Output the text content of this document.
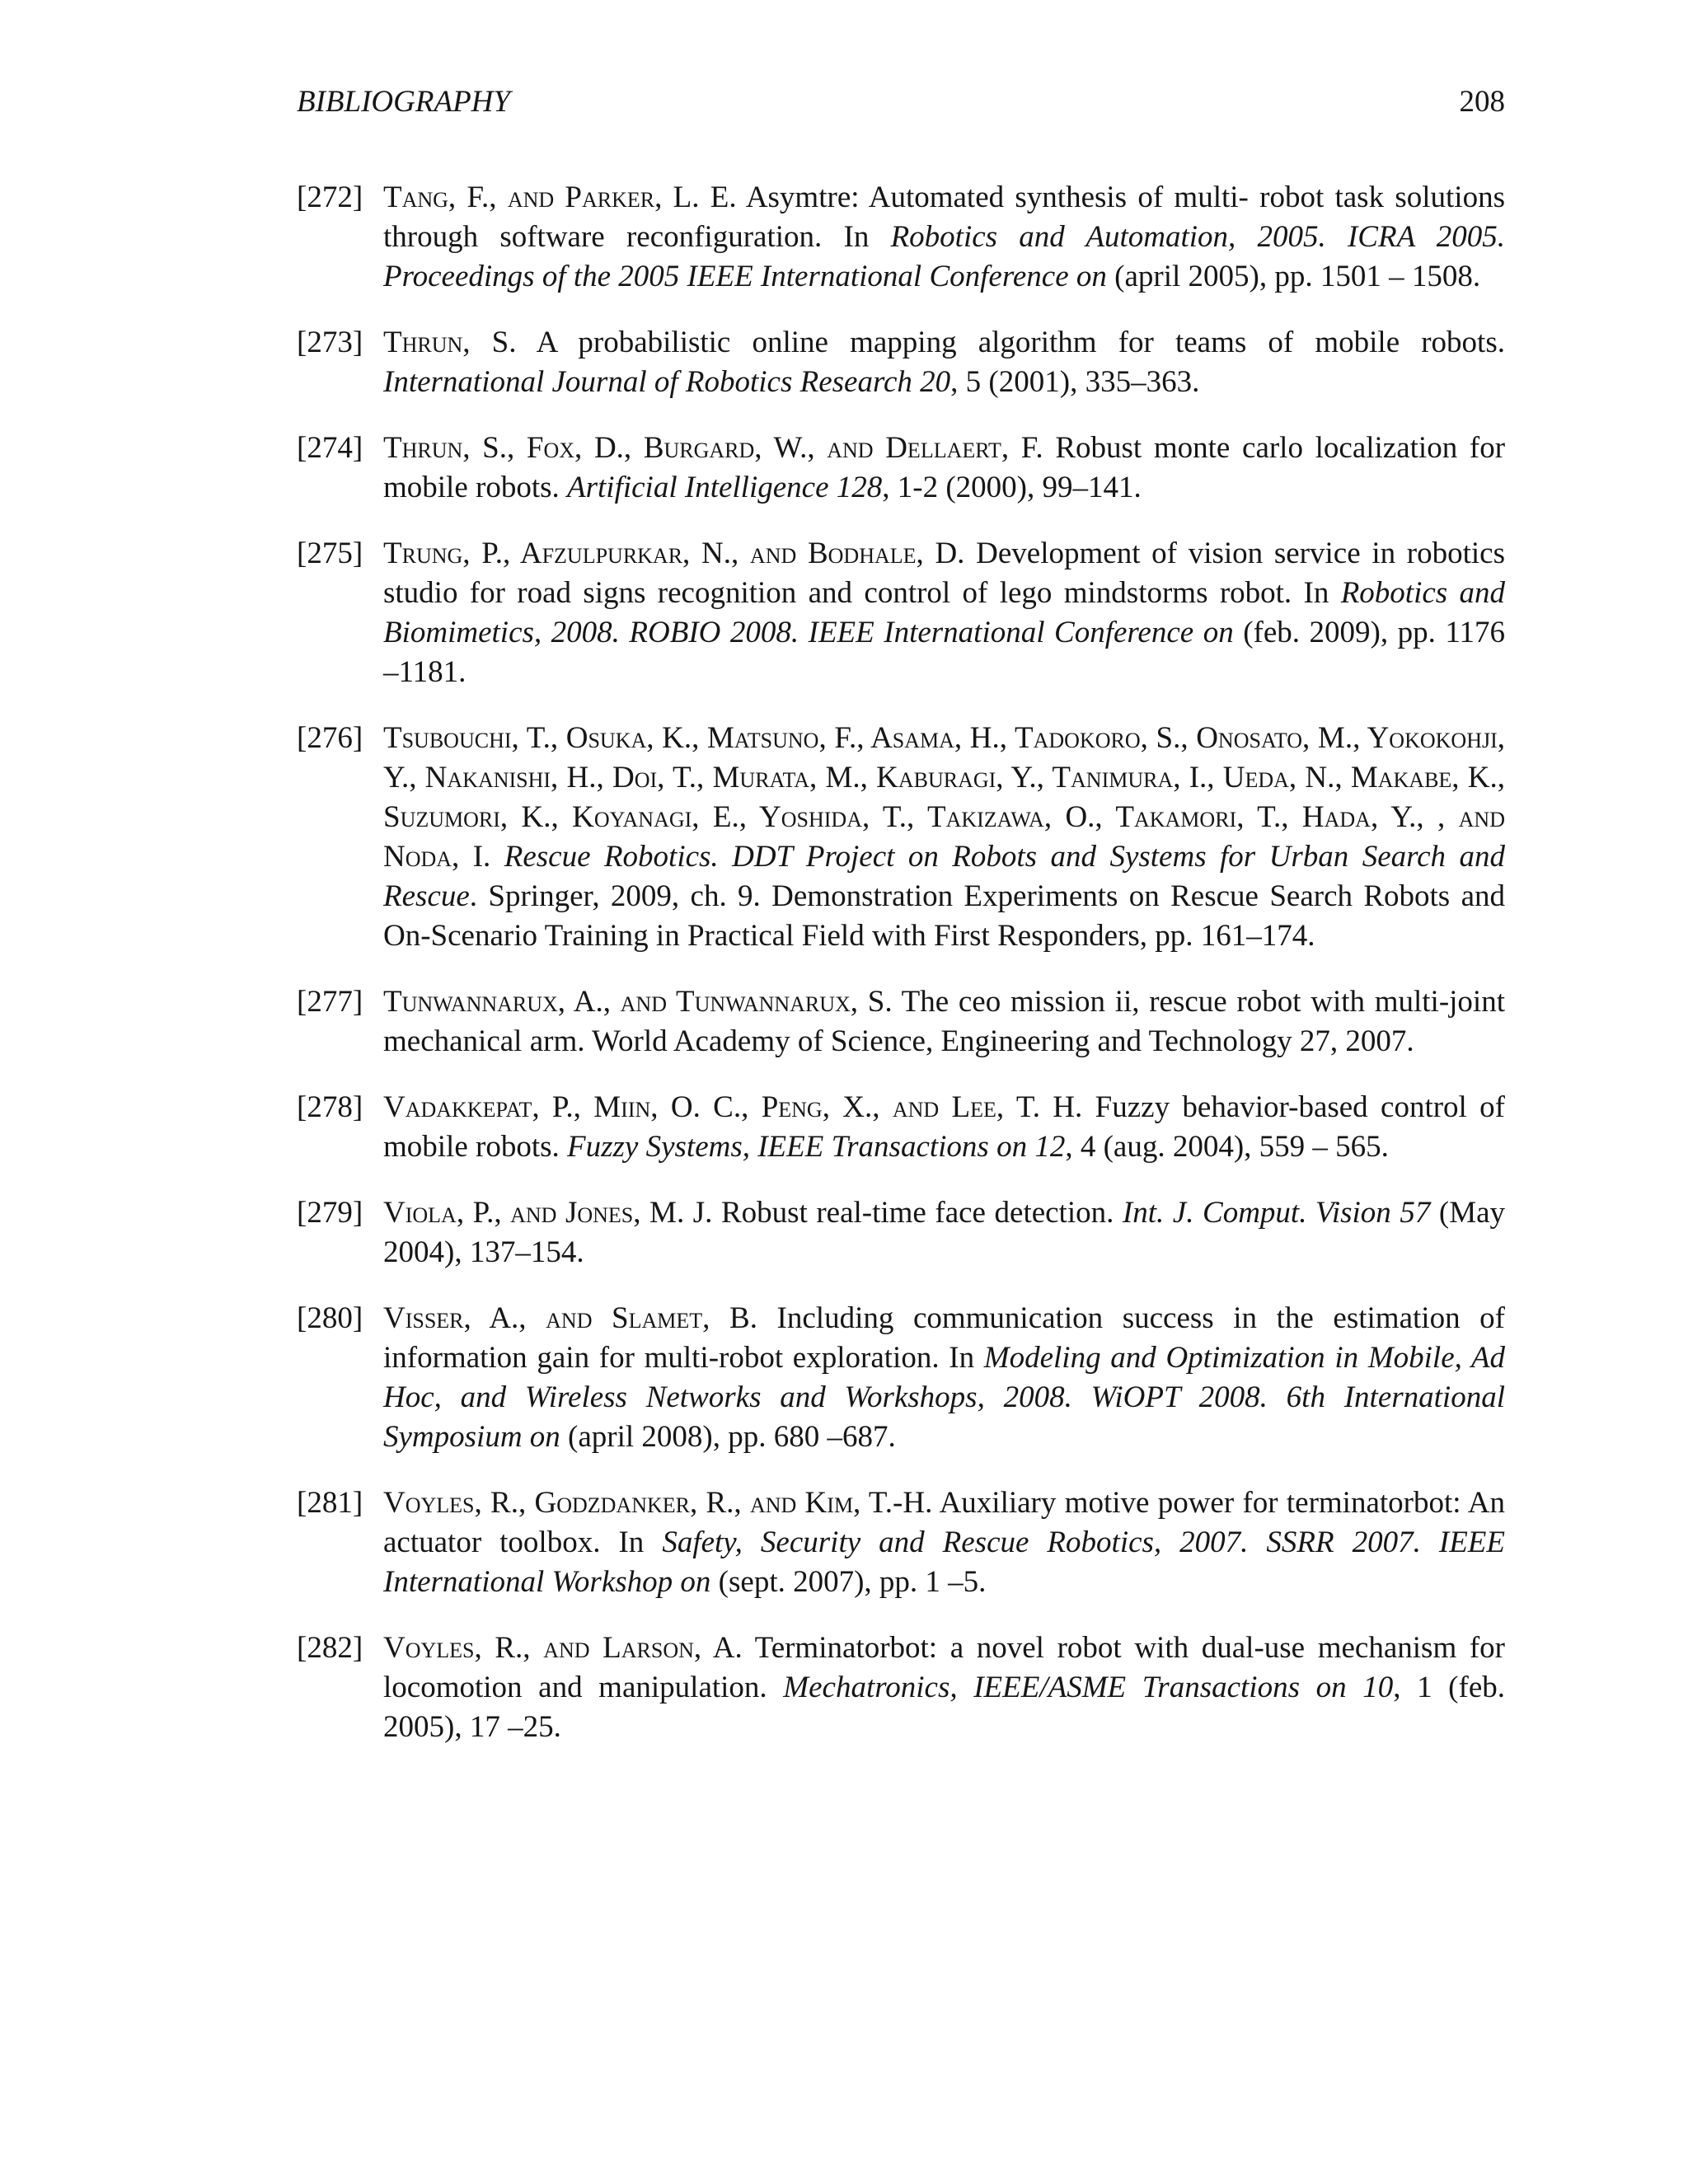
BIBLIOGRAPHY	208
[272] Tang, F., and Parker, L. E. Asymtre: Automated synthesis of multi- robot task solutions through software reconfiguration. In Robotics and Automation, 2005. ICRA 2005. Proceedings of the 2005 IEEE International Conference on (april 2005), pp. 1501 – 1508.
[273] Thrun, S. A probabilistic online mapping algorithm for teams of mobile robots. International Journal of Robotics Research 20, 5 (2001), 335–363.
[274] Thrun, S., Fox, D., Burgard, W., and Dellaert, F. Robust monte carlo localization for mobile robots. Artificial Intelligence 128, 1-2 (2000), 99–141.
[275] Trung, P., Afzulpurkar, N., and Bodhale, D. Development of vision service in robotics studio for road signs recognition and control of lego mindstorms robot. In Robotics and Biomimetics, 2008. ROBIO 2008. IEEE International Conference on (feb. 2009), pp. 1176 –1181.
[276] Tsubouchi, T., Osuka, K., Matsuno, F., Asama, H., Tadokoro, S., Onosato, M., Yokokohji, Y., Nakanishi, H., Doi, T., Murata, M., Kaburagi, Y., Tanimura, I., Ueda, N., Makabe, K., Suzumori, K., Koyanagi, E., Yoshida, T., Takizawa, O., Takamori, T., Hada, Y., , and Noda, I. Rescue Robotics. DDT Project on Robots and Systems for Urban Search and Rescue. Springer, 2009, ch. 9. Demonstration Experiments on Rescue Search Robots and On-Scenario Training in Practical Field with First Responders, pp. 161–174.
[277] Tunwannarux, A., and Tunwannarux, S. The ceo mission ii, rescue robot with multi-joint mechanical arm. World Academy of Science, Engineering and Technology 27, 2007.
[278] Vadakkepat, P., Miin, O. C., Peng, X., and Lee, T. H. Fuzzy behavior-based control of mobile robots. Fuzzy Systems, IEEE Transactions on 12, 4 (aug. 2004), 559 – 565.
[279] Viola, P., and Jones, M. J. Robust real-time face detection. Int. J. Comput. Vision 57 (May 2004), 137–154.
[280] Visser, A., and Slamet, B. Including communication success in the estimation of information gain for multi-robot exploration. In Modeling and Optimization in Mobile, Ad Hoc, and Wireless Networks and Workshops, 2008. WiOPT 2008. 6th International Symposium on (april 2008), pp. 680 –687.
[281] Voyles, R., Godzdanker, R., and Kim, T.-H. Auxiliary motive power for terminatorbot: An actuator toolbox. In Safety, Security and Rescue Robotics, 2007. SSRR 2007. IEEE International Workshop on (sept. 2007), pp. 1 –5.
[282] Voyles, R., and Larson, A. Terminatorbot: a novel robot with dual-use mechanism for locomotion and manipulation. Mechatronics, IEEE/ASME Transactions on 10, 1 (feb. 2005), 17 –25.
